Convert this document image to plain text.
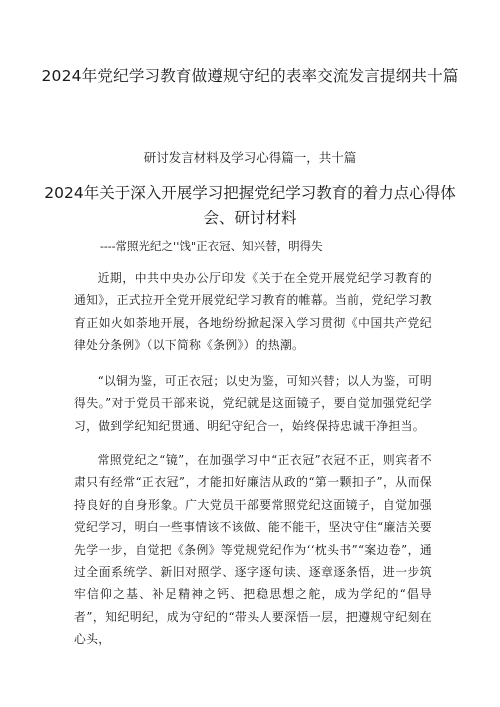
2024年党纪学习教育做遵规守纪的表率交流发言提纲共十篇

研讨发言材料及学习心得篇一，共十篇

2024年关于深入开展学习把握党纪学习教育的着力点心得体会、研讨材料

----常照光纪之''饯"正衣冠、知兴替，明得失

近期，中共中央办公厅印发《关于在全党开展党纪学习教育的通知》，正式拉开全党开展党纪学习教育的帷幕。当前，党纪学习教育正如火如荼地开展，各地纷纷掀起深入学习贯彻《中国共产党纪律处分条例》（以下简称《条例》）的热潮。

“以铜为鉴，可正衣冠；以史为鉴，可知兴替；以人为鉴，可明得失。”对于党员干部来说，党纪就是这面镜子，要自觉加强党纪学习，做到学纪知纪贯通、明纪守纪合一，始终保持忠诚干净担当。

常照党纪之“镜”，在加强学习中“正衣冠”衣冠不正，则宾者不肃只有经常“正衣冠”，才能扣好廉洁从政的“第一颗扣子”，从而保持良好的自身形象。广大党员干部要常照党纪这面镜子，自觉加强党纪学习，明白一些事情该不该做、能不能干，坚决守住“廉洁关要先学一步，自觉把《条例》等党规党纪作为‘‘枕头书”“案边卷”，通过全面系统学、新旧对照学、逐字逐句读、逐章逐条悟，进一步筑牢信仰之基、补足精神之钙、把稳思想之舵，成为学纪的“倡导者”，知纪明纪，成为守纪的“带头人要深悟一层，把遵规守纪刻在心头，
